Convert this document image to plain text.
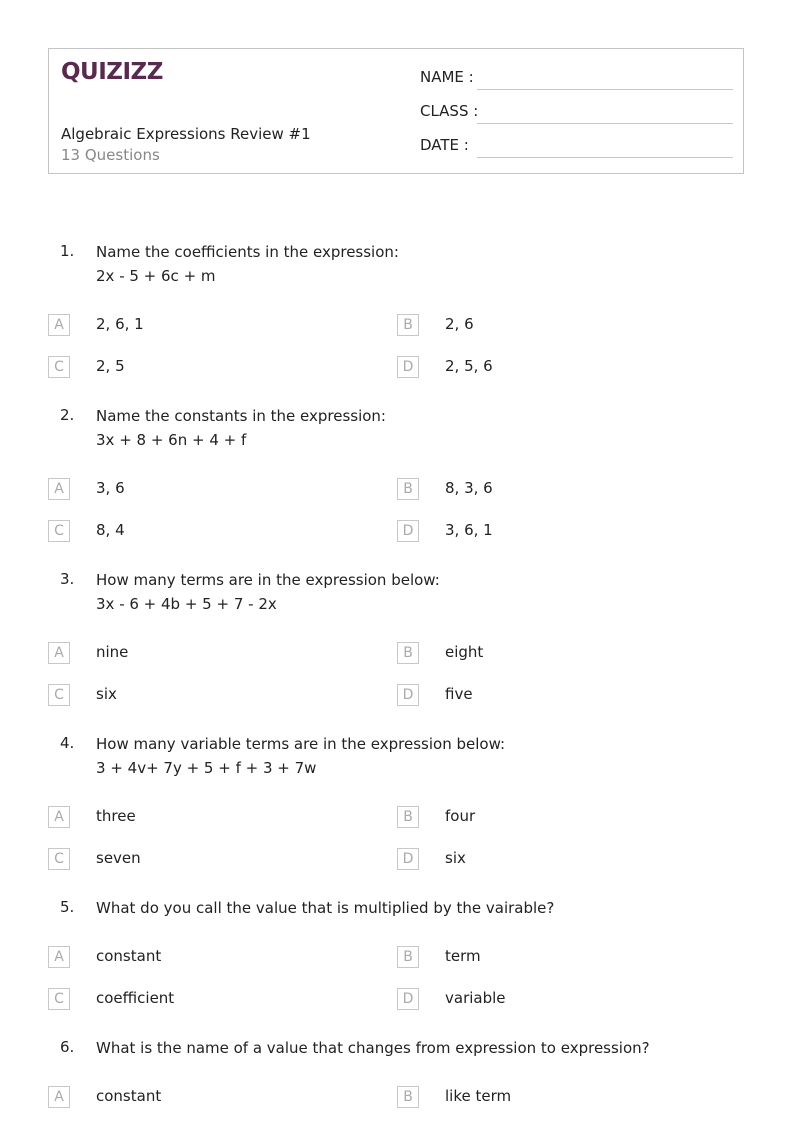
QUIZIZZ
Algebraic Expressions Review #1
13 Questions
NAME :
CLASS :
DATE :
1. Name the coefficients in the expression:
2x - 5 + 6c + m
A	2, 6, 1	B	2, 6
C	2, 5	D	2, 5, 6
2. Name the constants in the expression:
3x + 8 + 6n + 4 + f
A	3, 6	B	8, 3, 6
C	8, 4	D	3, 6, 1
3. How many terms are in the expression below:
3x - 6 + 4b + 5 + 7 - 2x
A	nine	B	eight
C	six	D	five
4. How many variable terms are in the expression below:
3 + 4v+ 7y + 5 + f + 3 + 7w
A	three	B	four
C	seven	D	six
5. What do you call the value that is multiplied by the vairable?
A	constant	B	term
C	coefficient	D	variable
6. What is the name of a value that changes from expression to expression?
A	constant	B	like term
